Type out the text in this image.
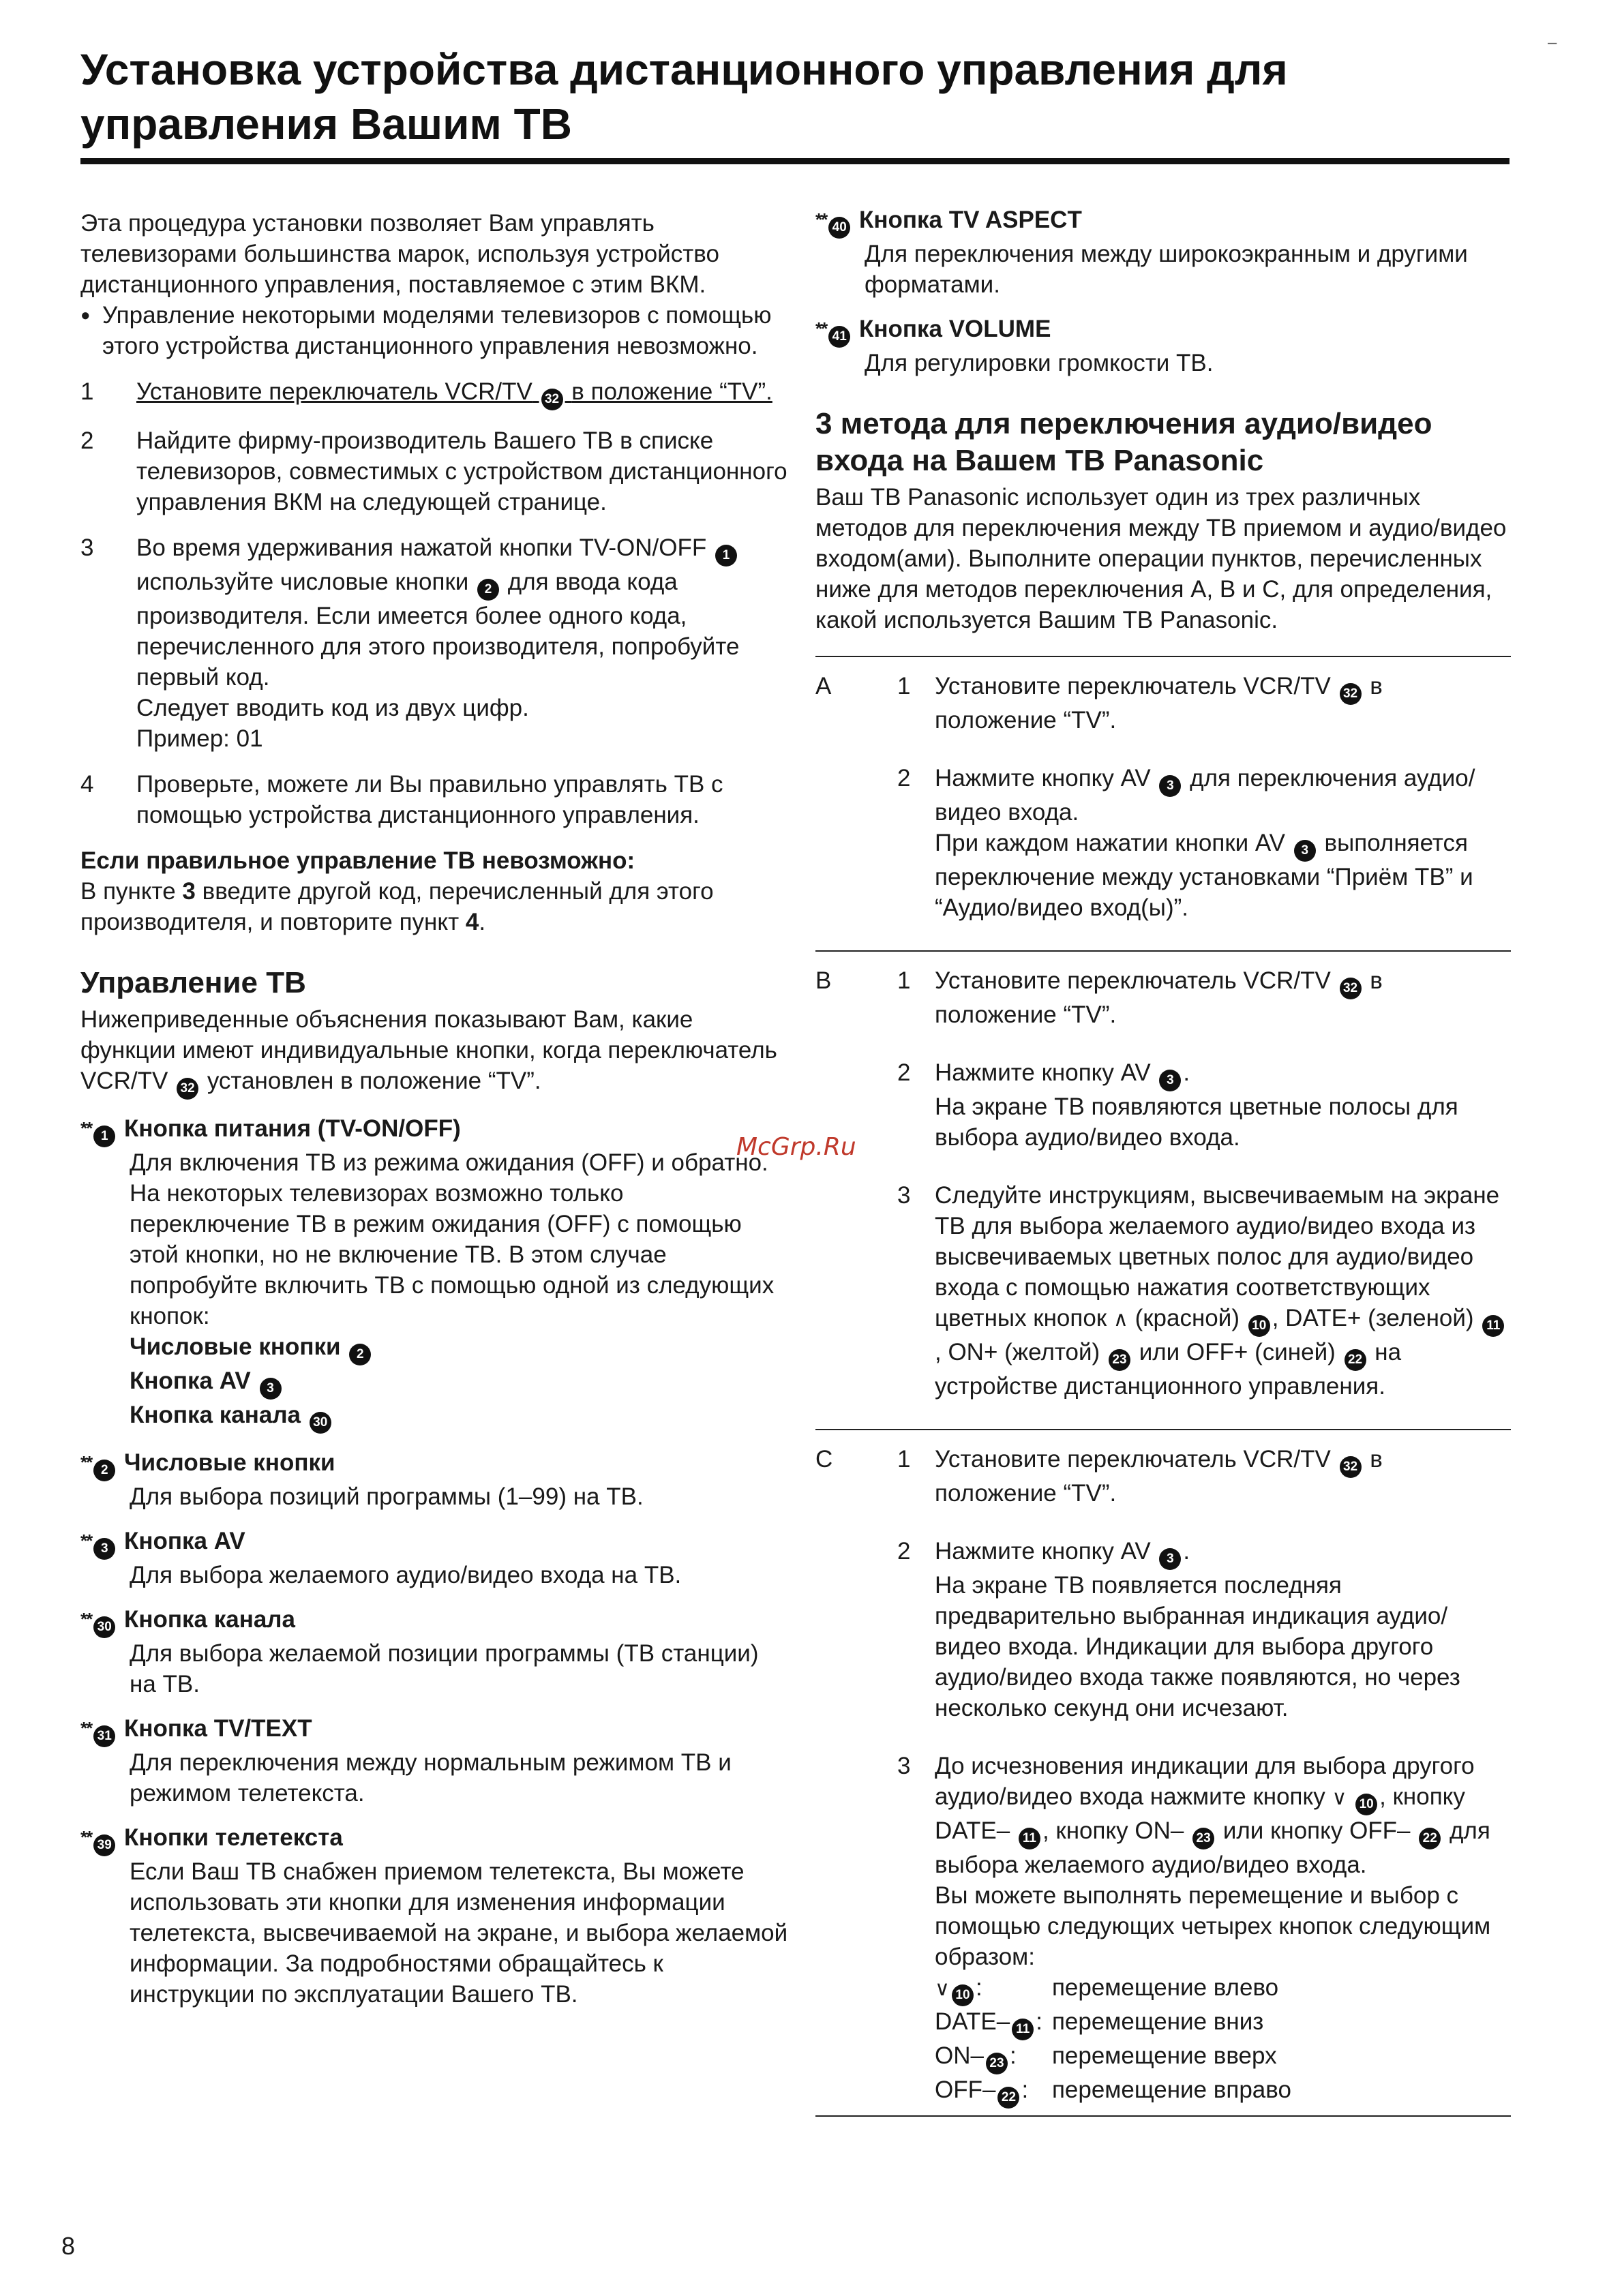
–
Установка устройства дистанционного управления для управления Вашим ТВ

Эта процедура установки позволяет Вам управлять телевизорами большинства марок, используя устройство дистанционного управления, поставляемое с этим ВКМ.

● Управление некоторыми моделями телевизоров с помощью этого устройства дистанционного управления невозможно.

1 Установите переключатель VCR/TV 32 в положение “TV”.
2 Найдите фирму-производитель Вашего ТВ в списке телевизоров, совместимых с устройством дистанционного управления ВКМ на следующей странице.
3 Во время удерживания нажатой кнопки TV-ON/OFF 1 используйте числовые кнопки 2 для ввода кода производителя. Если имеется более одного кода, перечисленного для этого производителя, попробуйте первый код.
Следует вводить код из двух цифр.
Пример: 01
4 Проверьте, можете ли Вы правильно управлять ТВ с помощью устройства дистанционного управления.

Если правильное управление ТВ невозможно:

В пункте 3 введите другой код, перечисленный для этого производителя, и повторите пункт 4.

Управление ТВ

Нижеприведенные объяснения показывают Вам, какие функции имеют индивидуальные кнопки, когда переключатель VCR/TV 32 установлен в положение “TV”.

** 1 Кнопка питания (TV-ON/OFF)

Для включения ТВ из режима ожидания (OFF) и обратно.

На некоторых телевизорах возможно только переключение ТВ в режим ожидания (OFF) с помощью этой кнопки, но не включение ТВ. В этом случае попробуйте включить ТВ с помощью одной из следующих кнопок:

Числовые кнопки 2

Кнопка AV 3

Кнопка канала 30

** 2 Числовые кнопки

Для выбора позиций программы (1–99) на ТВ.

** 3 Кнопка AV

Для выбора желаемого аудио/видео входа на ТВ.

** 30 Кнопка канала

Для выбора желаемой позиции программы (ТВ станции) на ТВ.

** 31 Кнопка TV/TEXT

Для переключения между нормальным режимом ТВ и режимом телетекста.

** 39 Кнопки телетекста

Если Ваш ТВ снабжен приемом телетекста, Вы можете использовать эти кнопки для изменения информации телетекста, высвечиваемой на экране, и выбора желаемой информации. За подробностями обращайтесь к инструкции по эксплуатации Вашего ТВ.

** 40 Кнопка TV ASPECT

Для переключения между широкоэкранным и другими форматами.

** 41 Кнопка VOLUME

Для регулировки громкости ТВ.

3 метода для переключения аудио/видео входа на Вашем ТВ Panasonic

Ваш ТВ Panasonic использует один из трех различных методов для переключения между ТВ приемом и аудио/видео входом(ами). Выполните операции пунктов, перечисленных ниже для методов переключения A, B и C, для определения, какой используется Вашим ТВ Panasonic.

A	1 Установите переключатель VCR/TV 32 в положение “TV”.
2 Нажмите кнопку AV 3 для переключения аудио/видео входа.
При каждом нажатии кнопки AV 3 выполняется переключение между установками “Приём ТВ” и “Аудио/видео вход(ы)”.
B	1 Установите переключатель VCR/TV 32 в положение “TV”.
2 Нажмите кнопку AV 3 .
На экране ТВ появляются цветные полосы для выбора аудио/видео входа.
3 Следуйте инструкциям, высвечиваемым на экране ТВ для выбора желаемого аудио/видео входа из высвечиваемых цветных полос для аудио/видео входа с помощью нажатия соответствующих цветных кнопок ∧ (красной) 10 , DATE+ (зеленой) 11, ON+ (желтой) 23 или OFF+ (синей) 22 на устройстве дистанционного управления.
C	1 Установите переключатель VCR/TV 32 в положение “TV”.
2 Нажмите кнопку AV 3 .
На экране ТВ появляется последняя предварительно выбранная индикация аудио/видео входа. Индикации для выбора другого аудио/видео входа также появляются, но через несколько секунд они исчезают.
3 До исчезновения индикации для выбора другого аудио/видео входа нажмите кнопку ∨ 10 , кнопку DATE– 11 , кнопку ON– 23 или кнопку OFF– 22 для выбора желаемого аудио/видео входа.
Вы можете выполнять перемещение и выбор с помощью следующих четырех кнопок следующим образом:
∨ 10 :	перемещение влево
DATE– 11 :	перемещение вниз
ON– 23 :	перемещение вверх
OFF– 22 :	перемещение вправо
McGrp.Ru
8
